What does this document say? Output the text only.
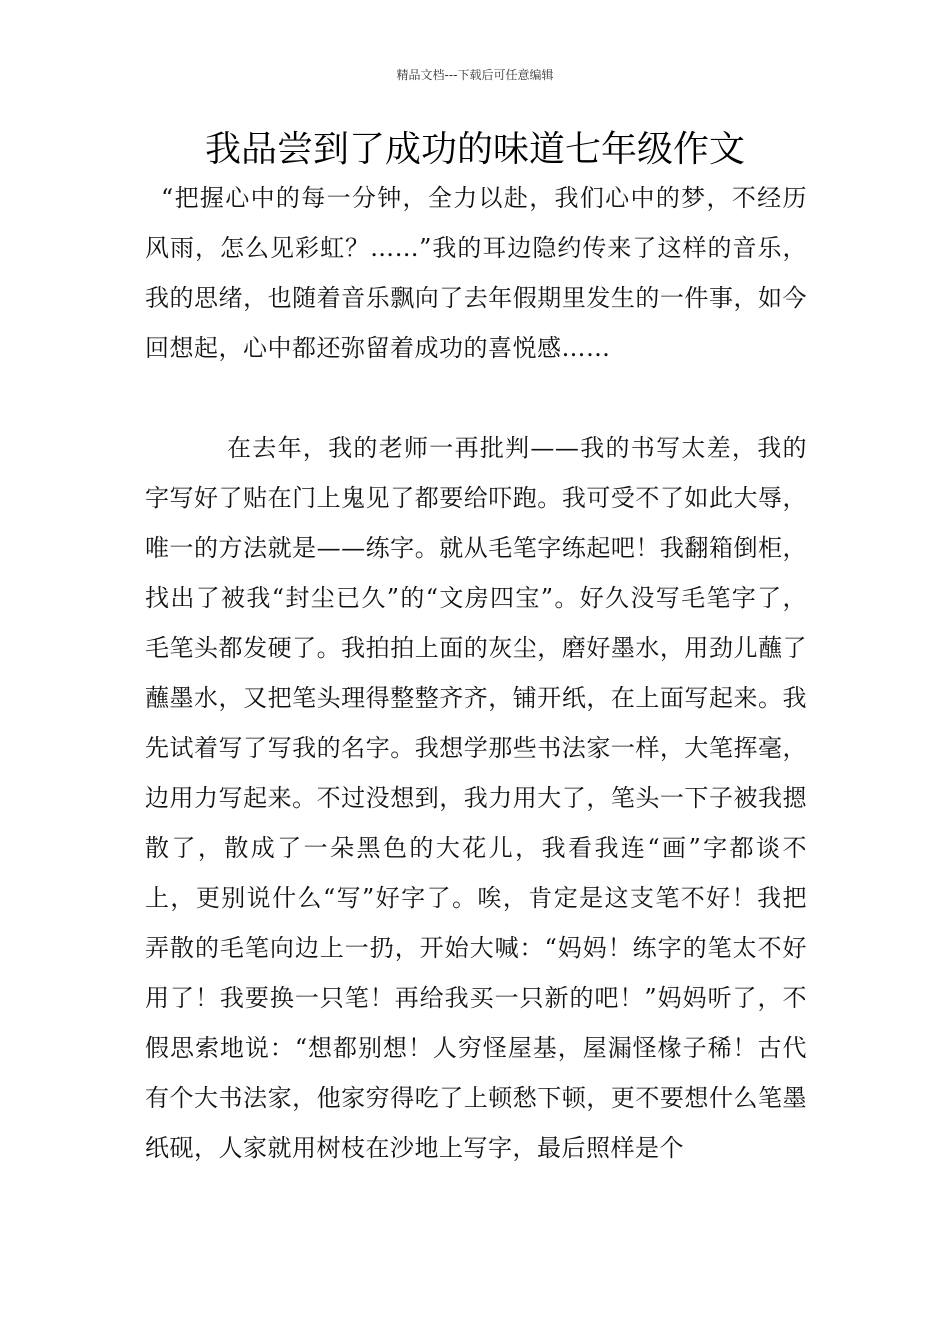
精品文档---下载后可任意编辑
我品尝到了成功的味道七年级作文

“把握心中的每一分钟，全力以赴，我们心中的梦，不经历风雨，怎么见彩虹？……”我的耳边隐约传来了这样的音乐，我的思绪，也随着音乐飘向了去年假期里发生的一件事，如今回想起，心中都还弥留着成功的喜悦感……

在去年，我的老师一再批判——我的书写太差，我的字写好了贴在门上鬼见了都要给吓跑。我可受不了如此大辱，唯一的方法就是——练字。就从毛笔字练起吧！我翻箱倒柜，找出了被我“封尘已久”的“文房四宝”。好久没写毛笔字了，毛笔头都发硬了。我拍拍上面的灰尘，磨好墨水，用劲儿蘸了蘸墨水，又把笔头理得整整齐齐，铺开纸，在上面写起来。我先试着写了写我的名字。我想学那些书法家一样，大笔挥毫，边用力写起来。不过没想到，我力用大了，笔头一下子被我摁散了，散成了一朵黑色的大花儿，我看我连“画”字都谈不上，更别说什么“写”好字了。唉，肯定是这支笔不好！我把弄散的毛笔向边上一扔，开始大喊：“妈妈！练字的笔太不好用了！我要换一只笔！再给我买一只新的吧！”妈妈听了，不假思索地说：“想都别想！人穷怪屋基，屋漏怪椽子稀！古代有个大书法家，他家穷得吃了上顿愁下顿，更不要想什么笔墨纸砚，人家就用树枝在沙地上写字，最后照样是个
